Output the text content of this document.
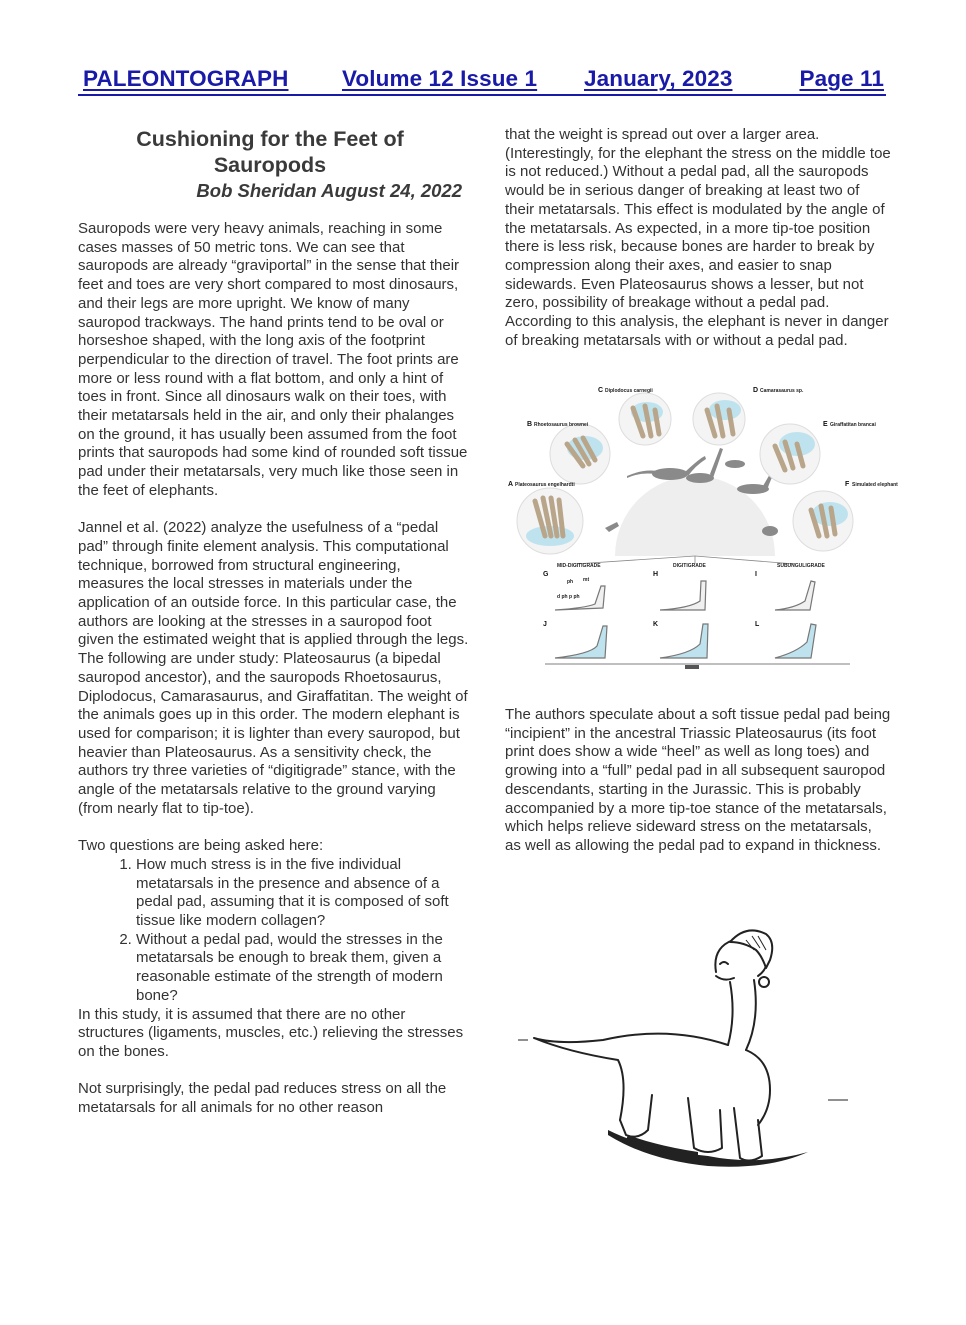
PALEONTOGRAPH Volume 12 Issue 1 January, 2023	Page 11
Cushioning for the Feet of Sauropods
Bob Sheridan August 24, 2022

Sauropods were very heavy animals, reaching in some cases masses of 50 metric tons. We can see that sauropods are already “graviportal” in the sense that their feet and toes are very short compared to most dinosaurs, and their legs are more upright. We know of many sauropod trackways. The hand prints tend to be oval or horseshoe shaped, with the long axis of the footprint perpendicular to the direction of travel. The foot prints are more or less round with a flat bottom, and only a hint of toes in front. Since all dinosaurs walk on their toes, with their metatarsals held in the air, and only their phalanges on the ground, it has usually been assumed from the foot prints that sauropods had some kind of rounded soft tissue pad under their metatarsals, very much like those seen in the feet of elephants.

Jannel et al. (2022) analyze the usefulness of a “pedal pad” through finite element analysis. This computational technique, borrowed from structural engineering, measures the local stresses in materials under the application of an outside force. In this particular case, the authors are looking at the stresses in a sauropod foot given the estimated weight that is applied through the legs. The following are under study: Plateosaurus (a bipedal sauropod ancestor), and the sauropods Rhoetosaurus, Diplodocus, Camarasaurus, and Giraffatitan. The weight of the animals goes up in this order. The modern elephant is used for comparison; it is lighter than every sauropod, but heavier than Plateosaurus. As a sensitivity check, the authors try three varieties of “digitigrade” stance, with the angle of the metatarsals relative to the ground varying (from nearly flat to tip-toe).

Two questions are being asked here:

1. How much stress is in the five individual metatarsals in the presence and absence of a pedal pad, assuming that it is composed of soft tissue like modern collagen?
2. Without a pedal pad, would the stresses in the metatarsals be enough to break them, given a reasonable estimate of the strength of modern bone?

In this study, it is assumed that there are no other structures (ligaments, muscles, etc.) relieving the stresses on the bones.

Not surprisingly, the pedal pad reduces stress on all the metatarsals for all animals for no other reason

that the weight is spread out over a larger area. (Interestingly, for the elephant the stress on the middle toe is not reduced.) Without a pedal pad, all the sauropods would be in serious danger of breaking at least two of their metatarsals. This effect is modulated by the angle of the metatarsals. As expected, in a more tip-toe position there is less risk, because bones are harder to break by compression along their axes, and easier to snap sidewards. Even Plateosaurus shows a lesser, but not zero, possibility of breakage without a pedal pad. According to this analysis, the elephant is never in danger of breaking metatarsals with or without a pedal pad.

A Plateosaurus engelhardti
B Rhoetosaurus brownei
C Diplodocus carnegii	D Camarasaurus sp.
E Giraffatitan brancai
F Simulated elephant
MID-DIGITIGRADE	DIGITIGRADE	SUBUNGULIGRADE
G	H	I
J	K	L
ph mt
d ph p ph

The authors speculate about a soft tissue pedal pad being “incipient” in the ancestral Triassic Plateosaurus (its foot print does show a wide “heel” as well as long toes) and growing into a “full” pedal pad in all subsequent sauropod descendants, starting in the Jurassic. This is probably accompanied by a more tip-toe stance of the metatarsals, which helps relieve sideward stress on the metatarsals, as well as allowing the pedal pad to expand in thickness.
